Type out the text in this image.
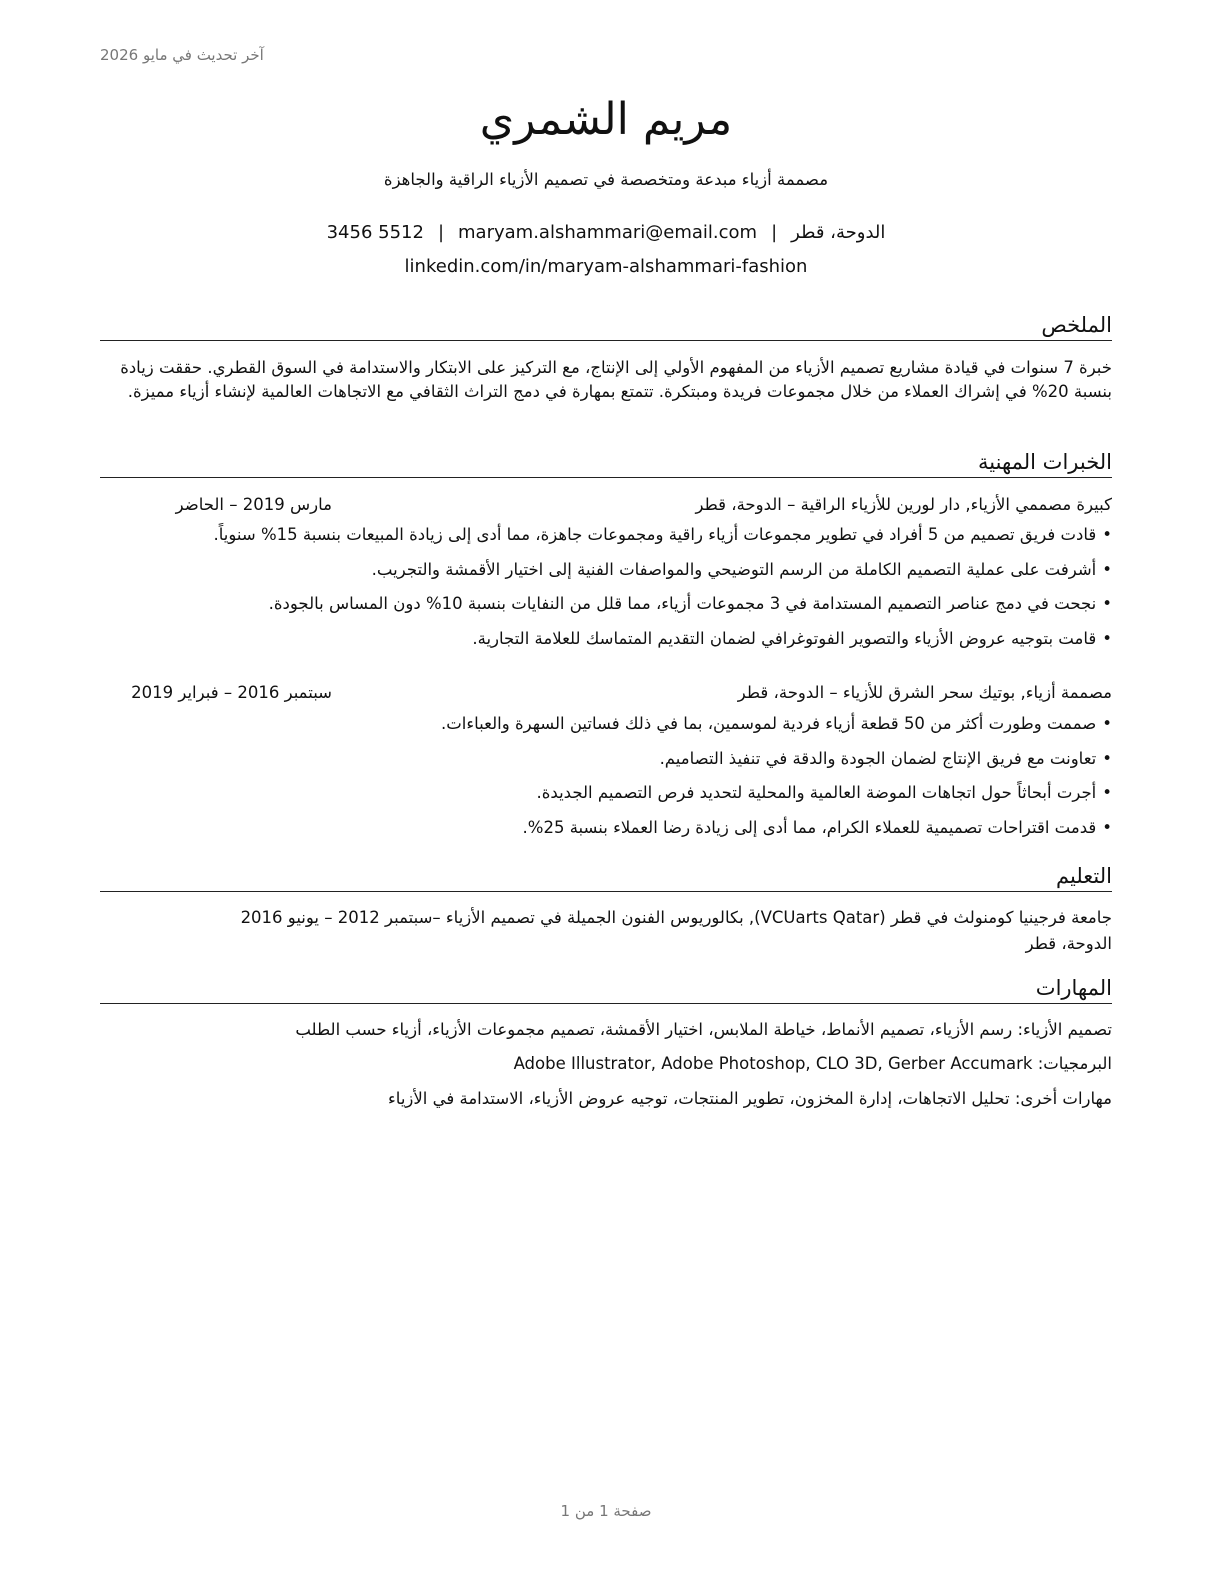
آخر تحديث في مايو 2026
مريم الشمري
مصممة أزياء مبدعة ومتخصصة في تصميم الأزياء الراقية والجاهزة
الدوحة، قطر|maryam.alshammari@email.com|3456 5512
linkedin.com/in/maryam-alshammari-fashion
الملخص
خبرة 7 سنوات في قيادة مشاريع تصميم الأزياء من المفهوم الأولي إلى الإنتاج، مع التركيز على الابتكار والاستدامة في السوق القطري. حققت زيادة بنسبة 20% في إشراك العملاء من خلال مجموعات فريدة ومبتكرة. تتمتع بمهارة في دمج التراث الثقافي مع الاتجاهات العالمية لإنشاء أزياء مميزة.
الخبرات المهنية
كبيرة مصممي الأزياء, دار لورين للأزياء الراقية – الدوحة، قطر
مارس 2019 – الحاضر
• قادت فريق تصميم من 5 أفراد في تطوير مجموعات أزياء راقية ومجموعات جاهزة، مما أدى إلى زيادة المبيعات بنسبة 15% سنوياً.
• أشرفت على عملية التصميم الكاملة من الرسم التوضيحي والمواصفات الفنية إلى اختيار الأقمشة والتجريب.
• نجحت في دمج عناصر التصميم المستدامة في 3 مجموعات أزياء، مما قلل من النفايات بنسبة 10% دون المساس بالجودة.
• قامت بتوجيه عروض الأزياء والتصوير الفوتوغرافي لضمان التقديم المتماسك للعلامة التجارية.
مصممة أزياء, بوتيك سحر الشرق للأزياء – الدوحة، قطر
سبتمبر 2016 – فبراير 2019
• صممت وطورت أكثر من 50 قطعة أزياء فردية لموسمين، بما في ذلك فساتين السهرة والعباءات.
• تعاونت مع فريق الإنتاج لضمان الجودة والدقة في تنفيذ التصاميم.
• أجرت أبحاثاً حول اتجاهات الموضة العالمية والمحلية لتحديد فرص التصميم الجديدة.
• قدمت اقتراحات تصميمية للعملاء الكرام، مما أدى إلى زيادة رضا العملاء بنسبة 25%.
التعليم
جامعة فرجينيا كومنولث في قطر (VCUarts Qatar), بكالوريوس الفنون الجميلة في تصميم الأزياء –سبتمبر 2012 – يونيو 2016
الدوحة، قطر
المهارات
تصميم الأزياء: رسم الأزياء، تصميم الأنماط، خياطة الملابس، اختيار الأقمشة، تصميم مجموعات الأزياء، أزياء حسب الطلب
البرمجيات: Adobe Illustrator, Adobe Photoshop, CLO 3D, Gerber Accumark
مهارات أخرى: تحليل الاتجاهات، إدارة المخزون، تطوير المنتجات، توجيه عروض الأزياء، الاستدامة في الأزياء
صفحة 1 من 1
